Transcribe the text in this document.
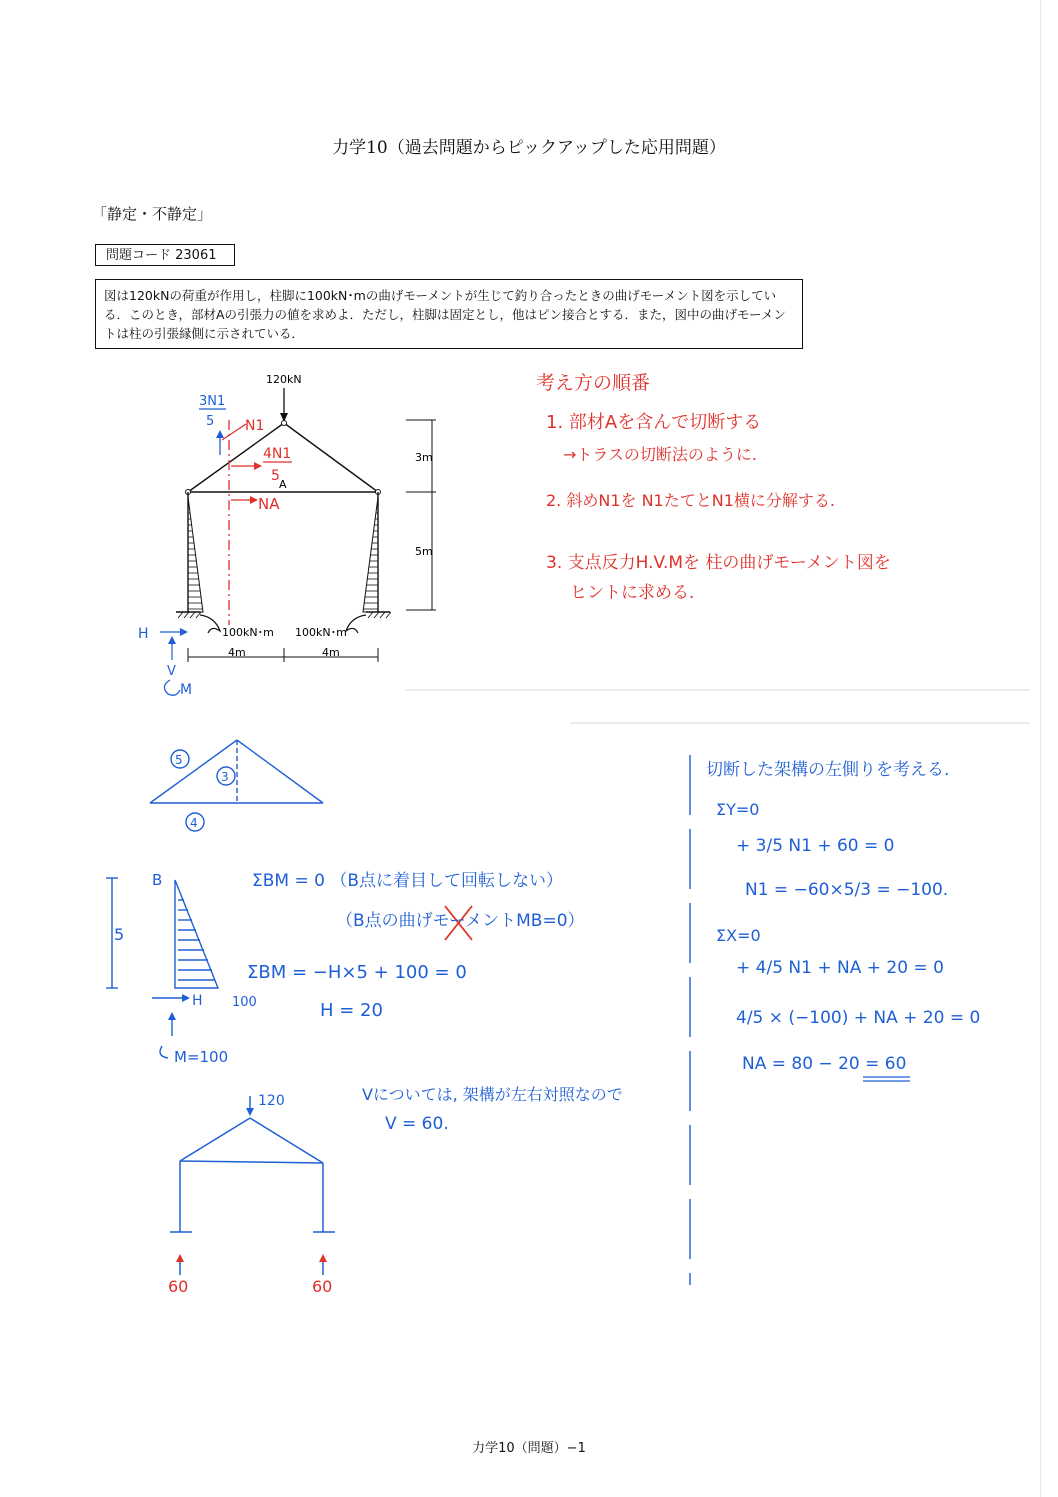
力学10（過去問題からピックアップした応用問題）
「静定・不静定」
問題コード 23061
図は120kNの荷重が作用し，柱脚に100kN･mの曲げモーメントが生じて釣り合ったときの曲げモーメント図を示している．このとき，部材Aの引張力の値を求めよ．ただし，柱脚は固定とし，他はピン接合とする．また，図中の曲げモーメントは柱の引張縁側に示されている．
120kN
A
100kN･m 100kN･m
4m	4m
3m
5m
N1
4N1
5
NA
3N1
5
H
V
M
5
3
4
B
5
H 100
M=100
120
60	60
考え方の順番
1. 部材Aを含んで切断する
→トラスの切断法のように.
2. 斜めN1を N1たてとN1横に分解する.
3. 支点反力H.V.Mを 柱の曲げモーメント図を
ヒントに求める.
ΣBM = 0 （B点に着目して回転しない）
（B点の曲げモーメントMB=0）
ΣBM = −H×5 + 100 = 0
H = 20
Vについては, 架構が左右対照なので
V = 60.
切断した架構の左側りを考える.
ΣY=0
+ 3/5 N1 + 60 = 0
N1 = −60×5/3 = −100.
ΣX=0
+ 4/5 N1 + NA + 20 = 0
4/5 × (−100) + NA + 20 = 0
NA = 80 − 20 = 60
力学10（問題）−1
